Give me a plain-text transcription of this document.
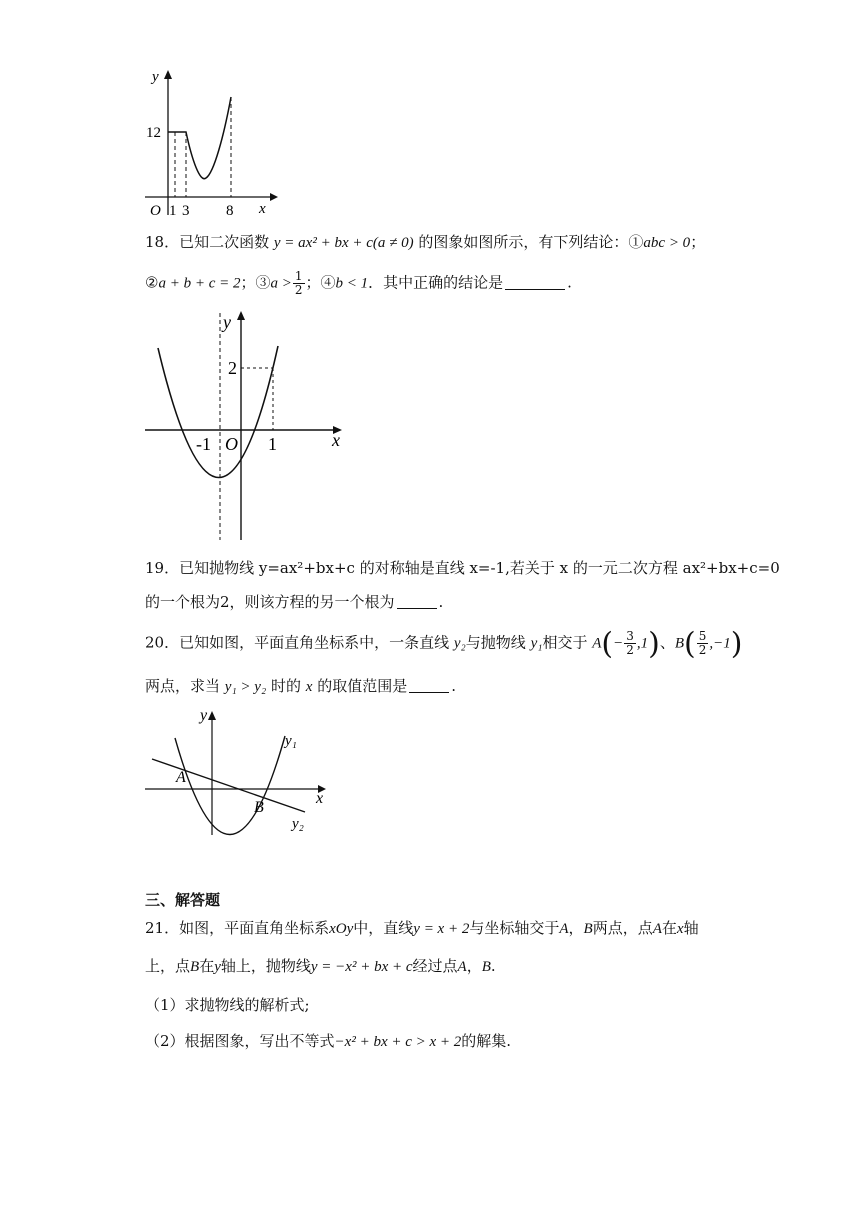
y
x
O
12
1 3 8
18．已知二次函数 y = ax² + bx + c(a ≠ 0) 的图象如图所示，有下列结论：①abc > 0；
②a + b + c = 2；③a > $\frac{1}{2}$ ；④b < 1．其中正确的结论是	.
y
x
O
2
-1	1
19．已知抛物线 y=ax²+bx+c 的对称轴是直线 x=-1,若关于 x 的一元二次方程 ax²+bx+c=0
的一个根为2，则该方程的另一个根为	.
20．已知如图，平面直角坐标系中，一条直线 y₂与抛物线 y₁相交于 $A(- \frac{3}{2} ,1)$、$B( \frac{5}{2} ,-1)$
两点，求当 y₁ > y₂ 时的 x 的取值范围是	.
y
x
y₁
y₂
A
B
三、解答题
21．如图，平面直角坐标系xOy中，直线y = x + 2与坐标轴交于A，B两点，点A在x轴
上，点B在y轴上，抛物线y = −x² + bx + c经过点A，B.
（1）求抛物线的解析式;
（2）根据图象，写出不等式−x² + bx + c > x + 2的解集.
